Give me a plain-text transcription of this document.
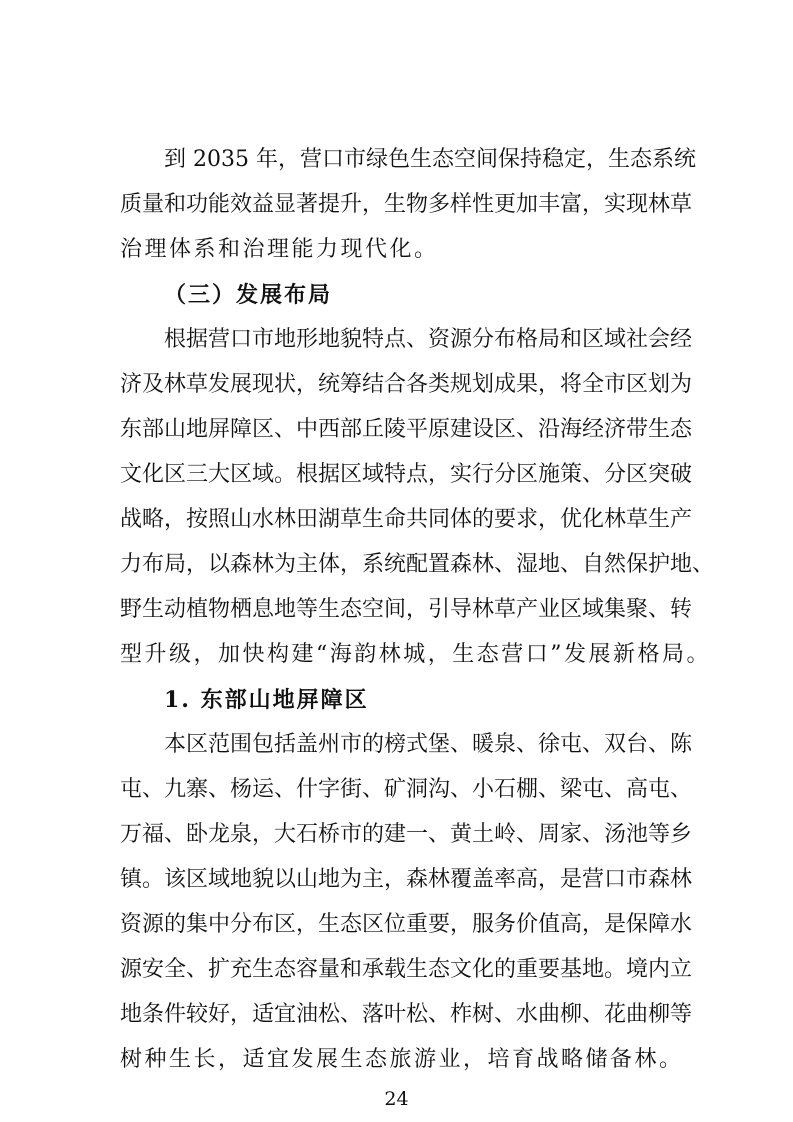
到 2035 年，营口市绿色生态空间保持稳定，生态系统
质量和功能效益显著提升，生物多样性更加丰富，实现林草
治理体系和治理能力现代化。
（三）发展布局
根据营口市地形地貌特点、资源分布格局和区域社会经
济及林草发展现状，统筹结合各类规划成果，将全市区划为
东部山地屏障区、中西部丘陵平原建设区、沿海经济带生态
文化区三大区域。根据区域特点，实行分区施策、分区突破
战略，按照山水林田湖草生命共同体的要求，优化林草生产
力布局，以森林为主体，系统配置森林、湿地、自然保护地、
野生动植物栖息地等生态空间，引导林草产业区域集聚、转
型升级，加快构建“海韵林城，生态营口”发展新格局。
1. 东部山地屏障区
本区范围包括盖州市的榜式堡、暖泉、徐屯、双台、陈
屯、九寨、杨运、什字街、矿洞沟、小石棚、梁屯、高屯、
万福、卧龙泉，大石桥市的建一、黄土岭、周家、汤池等乡
镇。该区域地貌以山地为主，森林覆盖率高，是营口市森林
资源的集中分布区，生态区位重要，服务价值高，是保障水
源安全、扩充生态容量和承载生态文化的重要基地。境内立
地条件较好，适宜油松、落叶松、柞树、水曲柳、花曲柳等
树种生长，适宜发展生态旅游业，培育战略储备林。
24
